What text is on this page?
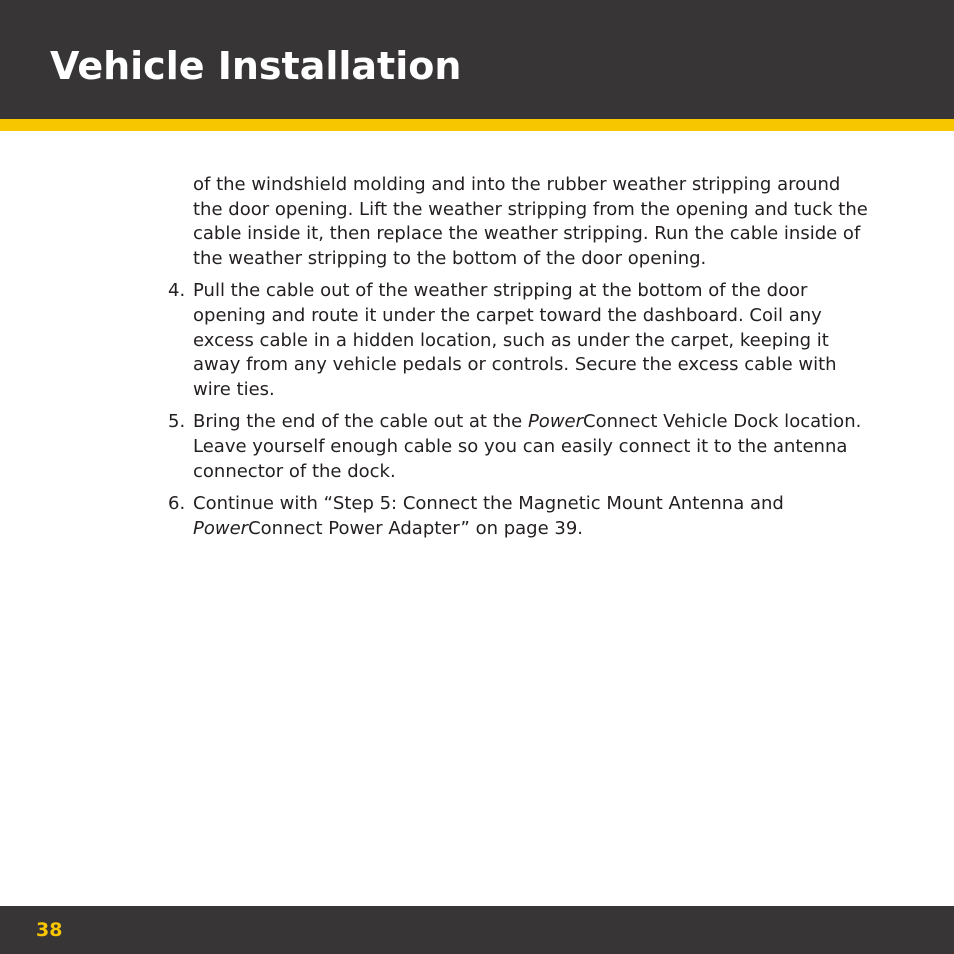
Vehicle Installation

of the windshield molding and into the rubber weather stripping around the door opening. Lift the weather stripping from the opening and tuck the cable inside it, then replace the weather stripping. Run the cable inside of the weather stripping to the bottom of the door opening.

4. Pull the cable out of the weather stripping at the bottom of the door opening and route it under the carpet toward the dashboard. Coil any excess cable in a hidden location, such as under the carpet, keeping it away from any vehicle pedals or controls. Secure the excess cable with wire ties.

5. Bring the end of the cable out at the PowerConnect Vehicle Dock location. Leave yourself enough cable so you can easily connect it to the antenna connector of the dock.

6. Continue with “Step 5: Connect the Magnetic Mount Antenna and PowerConnect Power Adapter” on page 39.

38
